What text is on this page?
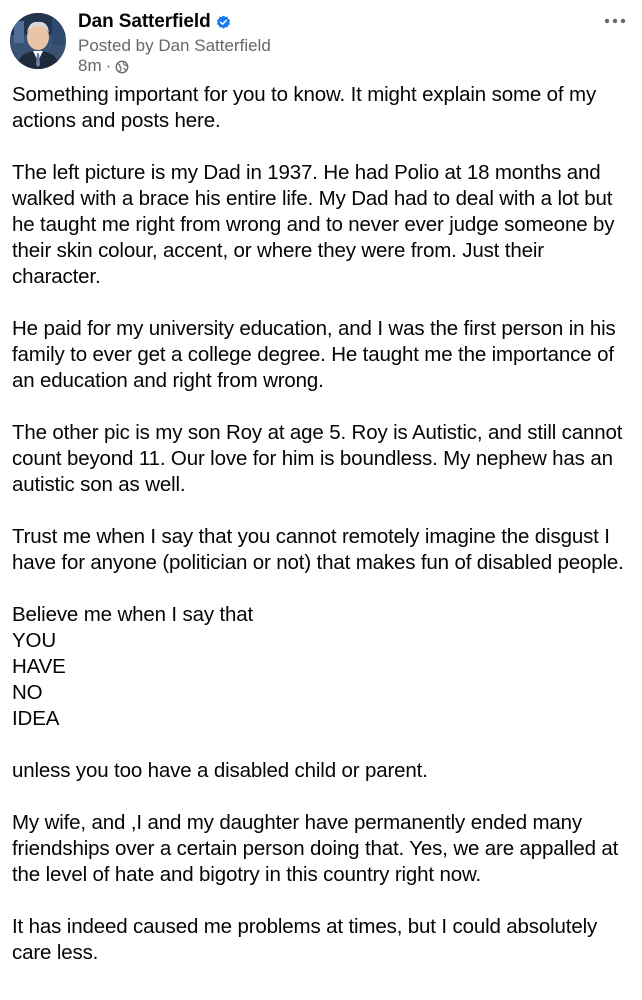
Dan Satterfield
Posted by Dan Satterfield
8m ·

Something important for you to know. It might explain some of my actions and posts here.

The left picture is my Dad in 1937. He had Polio at 18 months and walked with a brace his entire life. My Dad had to deal with a lot but he taught me right from wrong and to never ever judge someone by their skin colour, accent, or where they were from. Just their character.

He paid for my university education, and I was the first person in his family to ever get a college degree. He taught me the importance of an education and right from wrong.

The other pic is my son Roy at age 5. Roy is Autistic, and still cannot count beyond 11. Our love for him is boundless. My nephew has an autistic son as well.

Trust me when I say that you cannot remotely imagine the disgust I have for anyone (politician or not) that makes fun of disabled people.

Believe me when I say that
YOU
HAVE
NO
IDEA

unless you too have a disabled child or parent.

My wife, and ,I and my daughter have permanently ended many friendships over a certain person doing that. Yes, we are appalled at the level of hate and bigotry in this country right now.

It has indeed caused me problems at times, but I could absolutely care less.
